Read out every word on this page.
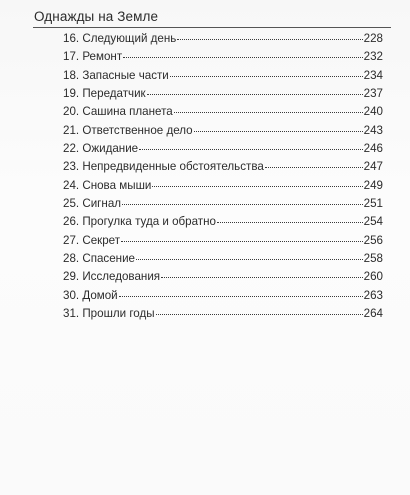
Однажды на Земле
16. Следующий день	228
17. Ремонт	232
18. Запасные части	234
19. Передатчик	237
20. Сашина планета	240
21. Ответственное дело	243
22. Ожидание	246
23. Непредвиденные обстоятельства	247
24. Снова мыши	249
25. Сигнал	251
26. Прогулка туда и обратно	254
27. Секрет	256
28. Спасение	258
29. Исследования	260
30. Домой	263
31. Прошли годы	264
